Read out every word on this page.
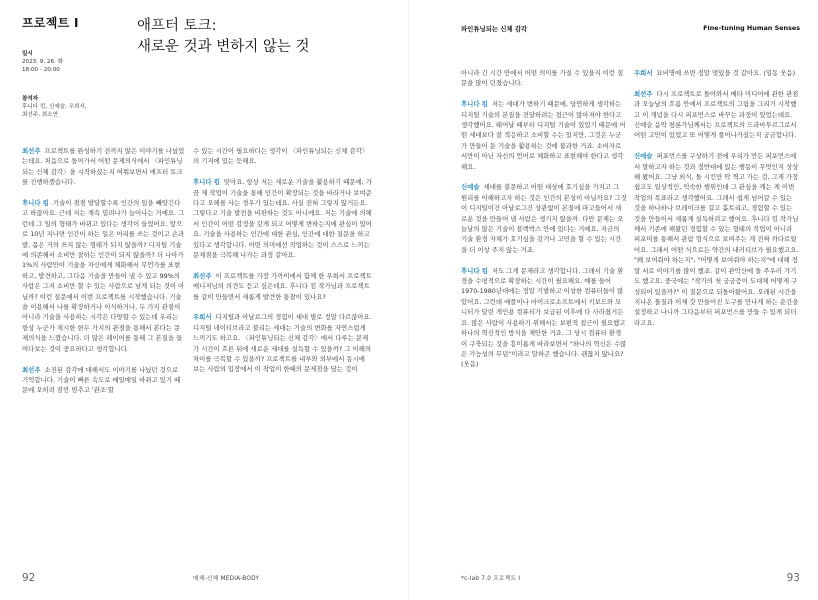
프로젝트 I	애프터 토크:
새로운 것과 변하지 않는 것
일시
2023. 9. 26. 화
18:00 - 20:00
참석자
후니다 킴, 신예슬, 우희서,
최선주, 최소연

최선주 프로젝트를 완성하기 전까지 많은 이야기를 나눴었는데요. 처음으로 돌아가서 어떤 문제의식에서 〈파인튜닝되는 신체 감각〉을 시작하셨는지 여쭤보면서 애프터 토크를 진행하겠습니다.

후니다 킴 기술이 점점 발달할수록 인간의 일을 빼앗긴다고 하잖아요. 근데 저는 계속 밀려나가 늘어나는 거예요. 그런데 그 일의 형태가 바뀌고 있다는 생각이 들었어요. 앞으로 10년 지나면 인간이 하는 일은 어리를 쓰는 것이고 손과 발, 몸은 거의 쓰지 않는 형태가 되지 않을까? 디지털 기술에 의존해서 소비만 잘하는 인간이 되지 않을까? 더 나아가 1%의 사람만이 기술을 자신에게 체화해서 무언가를 표현하고, 발견하고, 그다음 기술을 만들어 낼 수 있고 99%의 사람은 그저 소비만 할 수 있는 사람으로 남게 되는 것이 아닐까? 이런 질문에서 이번 프로젝트를 시작했습니다. 기술을 이용해서 나를 확장하거나 이식하거나, 두 가지 관점이 아니라 기술을 사용하는 시각은 다양할 수 있는데 우리는 항상 누군가 제시한 한두 가지의 관점을 통해서 본다는 문제의식을 느꼈습니다. 더 많은 레이어를 통해 그 본질을 들여다보는 것이 중요하다고 생각합니다.

최선주 소진된 감각에 대해서도 이야기를 나눴던 것으로 기억합니다. 기술이 빠른 속도로 매일매일 바뀌고 있기 때문에 오히려 잠깐 멈추고 '관조'할

수 있는 시간이 필요하다는 생각이 〈파인튜닝되는 신체 감각〉의 기저에 있는 듯해요.

후니다 킴 맞아요. 항상 저는 새로운 기술을 활용하기 때문에, 가끔 제 작업이 기술을 통해 인간이 확장되는 것을 바라거나 보여준다고 오해를 사는 경우가 있는데요. 사실 전혀 그렇지 않거든요. 그렇다고 기술 발전을 비판하는 것도 아니에요. 저는 기술에 의해서 인간이 어떤 감정을 갖게 되고 어떻게 변하는지에 관심이 있어요. 기술을 사용하는 인간에 대한 관심, 인간에 대한 질문을 하고 있다고 생각합니다. 어떤 의미에선 작업하는 것이 스스로 느끼는 문제점을 극복해 나가는 과정 같아요.

최선주 이 프로젝트를 가장 가까이에서 함께 한 우희서 프로젝트 매니저님의 의견도 듣고 싶은데요. 후니다 킴 작가님과 프로젝트를 같이 만들면서 새롭게 발견한 통찰이 있나요?

우희서 디지털과 아날로그의 경험이 세대 별로 정말 다르잖아요. 디지털 네이티브라고 불리는 세대는 기술의 변화를 자연스럽게 느끼기도 하고요. 〈파인튜닝되는 신체 감각〉에서 다루는 문제가 시간이 흐른 뒤에 새로운 세대를 설득할 수 있을까? 그 이해의 차이를 극복할 수 있을까? 프로젝트를 내부와 외부에서 동시에 보는 사람의 입장에서 이 작업이 한때의 문제점을 담는 것이

92	매체-신체 MEDIA-BODY
파인튜닝되는 신체 감각	Fine-tuning Human Senses

아니라 긴 시간 안에서 어떤 의미를 가질 수 있을지 이런 질문을 많이 던졌습니다.

후니다 킴 저는 세대가 변하기 때문에, 당연하게 생각하는 디지털 기술의 본질을 전달하려는 접근이 많아져야 한다고 생각했어요. 태어날 때부터 디지털 기술이 있었기 때문에 어떤 세대보다 잘 적응하고 소비할 수는 있지만, 그것은 누군가 만들어 둔 기술을 활용하는 것에 불과한 거죠. 소비자로서만이 아닌 자신의 언어로 체화하고 표현해야 한다고 생각해요.

신예슬 세대를 불문하고 어떤 대상에 호기심을 가지고 그 원리를 이해하고자 하는 것은 인간의 본성이 아닐까요? 그것이 디지털이건 아날로그건 상관없이 본질에 파고들어서 새로운 것을 만들어 낼 사람은 생기지 않을까. 다만 문제는 오늘날의 많은 기술이 블랙박스 안에 있다는 거예요. 지금의 기술 환경 자체가 호기심을 갖거나 고민을 할 수 있는 시간을 더 이상 주지 않는 거죠.

후니다 킴 저도 그게 문제라고 생각합니다. 그래서 기술 환경을 수평적으로 확장하는 시간이 필요해요. 예를 들어 1970-1980년대에는 정말 기발하고 이상한 컴퓨터들이 많았어요. 그런데 애플이나 마이크로소프트에서 키보드와 모니터가 달린 개인용 컴퓨터가 보급된 이후에 다 사라졌거든요. 많은 사람이 사용하기 위해서는 보편적 접근이 필요했고 하나의 혁신적인 방식을 제안한 거죠. 그 당시 컴퓨터 환경이 구축되는 것을 흥미롭게 바라보면서 "하나의 혁신은 수많은 가능성의 무덤"이라고 말하곤 했습니다. 괜찮지 않나요? (웃음)

우희서 묘비명에 쓰면 정말 멋있을 것 같아요. (일동 웃음)

최선주 다시 프로젝트로 돌아와서 메타 미디어에 관한 관점과 오늘날의 흐름 안에서 프로젝트의 그림을 그리기 시작했고 이 개념을 다시 퍼포먼스로 바꾸는 과정이 있었는데요. 신예슬 음악 평론가님께서는 프로젝트의 드라마투르그로서 어떤 고민이 있었고 또 어떻게 풀어나가셨는지 궁금합니다.

신예슬 퍼포먼스를 구상하기 전에 우리가 만든 퍼포먼스에서 말하고자 하는 것과 정반대에 있는 행동이 무엇인지 상상해 봤어요. 그냥 외식, 돌 시킨만 딱 찍고 가는 것, 그게 가장 쉽고도 일상적인, 익숙한 행위인데 그 관심을 깨는 게 이번 작업의 목표라고 생각했어요. 그래서 쉽게 넘어갈 수 있는 것을 하나하나 브레이크를 걸고 흩트리고, 경험할 수 있는 것을 만들어서 새롭게 설득하려고 했어요. 후니다 킴 작가님께서 기존에 해왔던 경험할 수 있는 형태의 작업이 아니라 퍼포머를 통해서 관람 형식으로 보여주는 게 진짜 까다로웠어요. 그래서 어떤 식으로든 약간의 내러티브가 필요했고요. "왜 보여줘야 하는지", "어떻게 보여줘야 하는지"에 대해 정말 서로 이야기를 많이 했죠. 같이 관악산에 돌 주우러 가기도 했고요. 중국에는 "작가의 첫 궁금증이 도대체 어떻게 구성되어 있을까?" 이 질문으로 되돌아왔어요. 오래된 시간을 지나온 물질과 이제 갓 만들어진 도구를 만나게 하는 순간을 설정하고 나니까 그다음부터 퍼포먼스를 만들 수 있게 되더라고요.

*c-lab 7.0 프로젝트 I	93
